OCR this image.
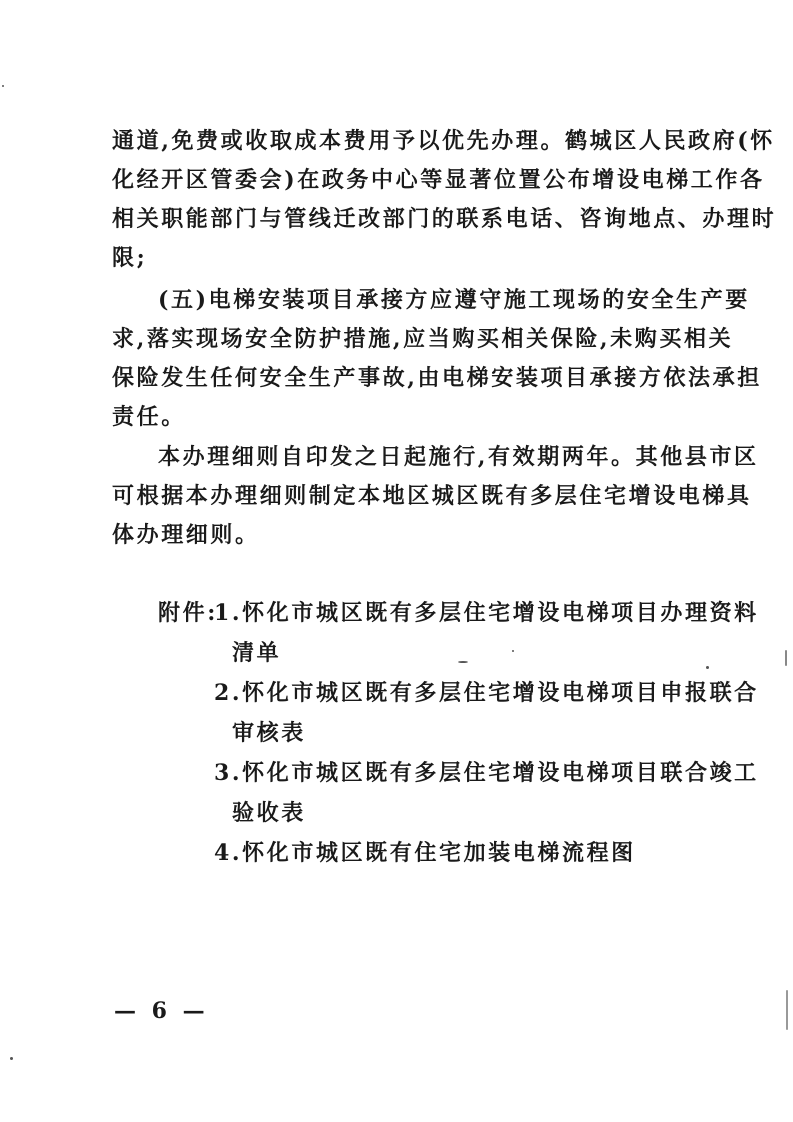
通道,免费或收取成本费用予以优先办理。鹤城区人民政府(怀
化经开区管委会)在政务中心等显著位置公布增设电梯工作各
相关职能部门与管线迁改部门的联系电话、咨询地点、办理时
限;
(五)电梯安装项目承接方应遵守施工现场的安全生产要
求,落实现场安全防护措施,应当购买相关保险,未购买相关
保险发生任何安全生产事故,由电梯安装项目承接方依法承担
责任。
本办理细则自印发之日起施行,有效期两年。其他县市区
可根据本办理细则制定本地区城区既有多层住宅增设电梯具
体办理细则。
附件:
1.怀化市城区既有多层住宅增设电梯项目办理资料
清单
2.怀化市城区既有多层住宅增设电梯项目申报联合
审核表
3.怀化市城区既有多层住宅增设电梯项目联合竣工
验收表
4.怀化市城区既有住宅加装电梯流程图
— 6 —
